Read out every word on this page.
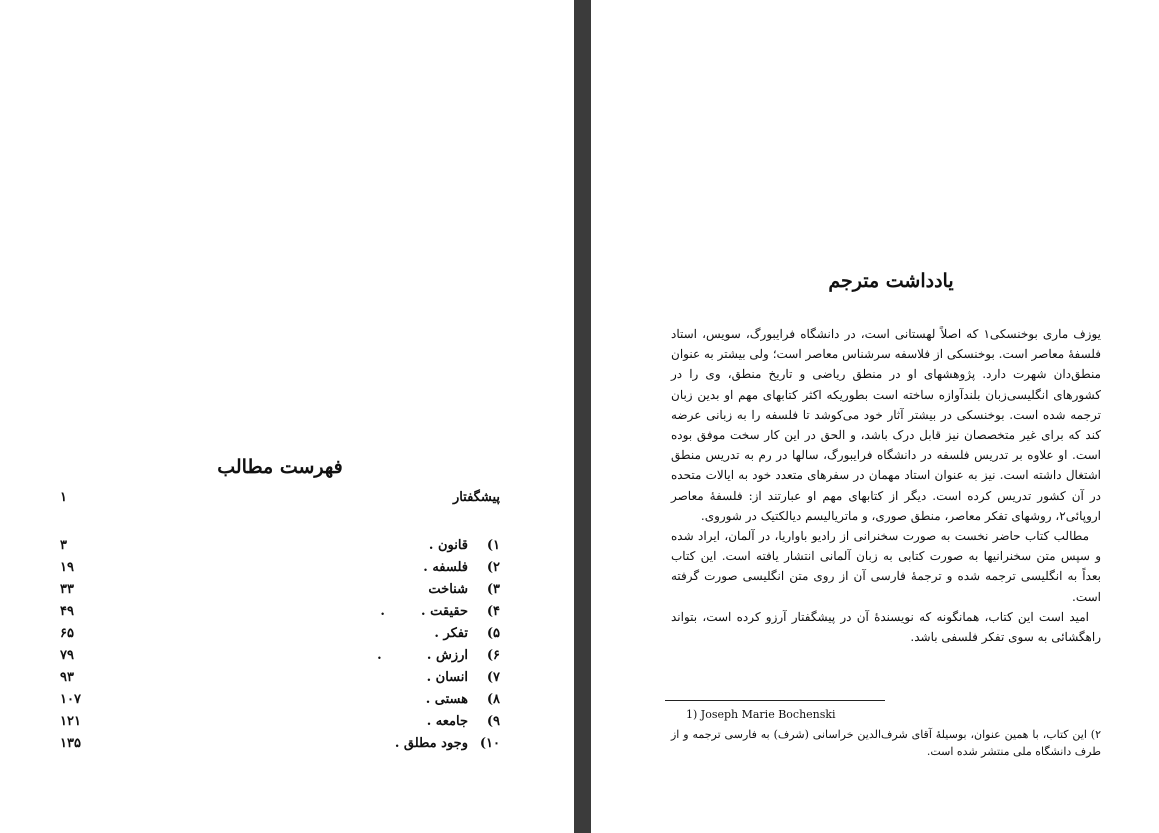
فهرست مطالب
پیشگفتار
۱
۱)
قانون .
۳
۲)
فلسفه .
۱۹
۳)
شناخت
۳۳
۴)
حقیقت .        .
۴۹
۵)
تفکر .
۶۵
۶)
ارزش .          .
۷۹
۷)
انسان .
۹۳
۸)
هستی .
۱۰۷
۹)
جامعه .
۱۲۱
۱۰)
وجود مطلق .
۱۳۵
یادداشت مترجم

یوزف ماری بوخنسکی۱ که اصلاً لهستانی است، در دانشگاه فرایبورگ، سویس، استاد فلسفهٔ معاصر است. بوخنسکی از فلاسفه سرشناس معاصر است؛ ولی بیشتر به عنوان منطق‌دان شهرت دارد. پژوهشهای او در منطق ریاضی و تاریخ منطق، وی را در کشورهای انگلیسی‌زبان بلندآوازه ساخته است بطوریکه اکثر کتابهای مهم او بدین زبان ترجمه شده است. بوخنسکی در بیشتر آثار خود می‌کوشد تا فلسفه را به زبانی عرضه کند که برای غیر متخصصان نیز قابل درک باشد، و الحق در این کار سخت موفق بوده است. او علاوه بر تدریس فلسفه در دانشگاه فرایبورگ، سالها در رم به تدریس منطق اشتغال داشته است. نیز به عنوان استاد مهمان در سفرهای متعدد خود به ایالات متحده در آن کشور تدریس کرده است. دیگر از کتابهای مهم او عبارتند از: فلسفهٔ معاصر اروپائی۲، روشهای تفکر معاصر، منطق صوری، و ماتریالیسم دیالکتیک در شوروی.

مطالب کتاب حاضر نخست به صورت سخنرانی از رادیو باواریا، در آلمان، ایراد شده و سپس متن سخنرانیها به صورت کتابی به زبان آلمانی انتشار یافته است. این کتاب بعداً به انگلیسی ترجمه شده و ترجمهٔ فارسی آن از روی متن انگلیسی صورت گرفته است.

امید است این کتاب، همانگونه که نویسندهٔ آن در پیشگفتار آرزو کرده است، بتواند راهگشائی به سوی تفکر فلسفی باشد.

1) Joseph Marie Bochenski

۲) این کتاب، با همین عنوان، بوسیلهٔ آقای شرف‌الدین خراسانی (شرف) به فارسی ترجمه و از طرف دانشگاه ملی منتشر شده است.
